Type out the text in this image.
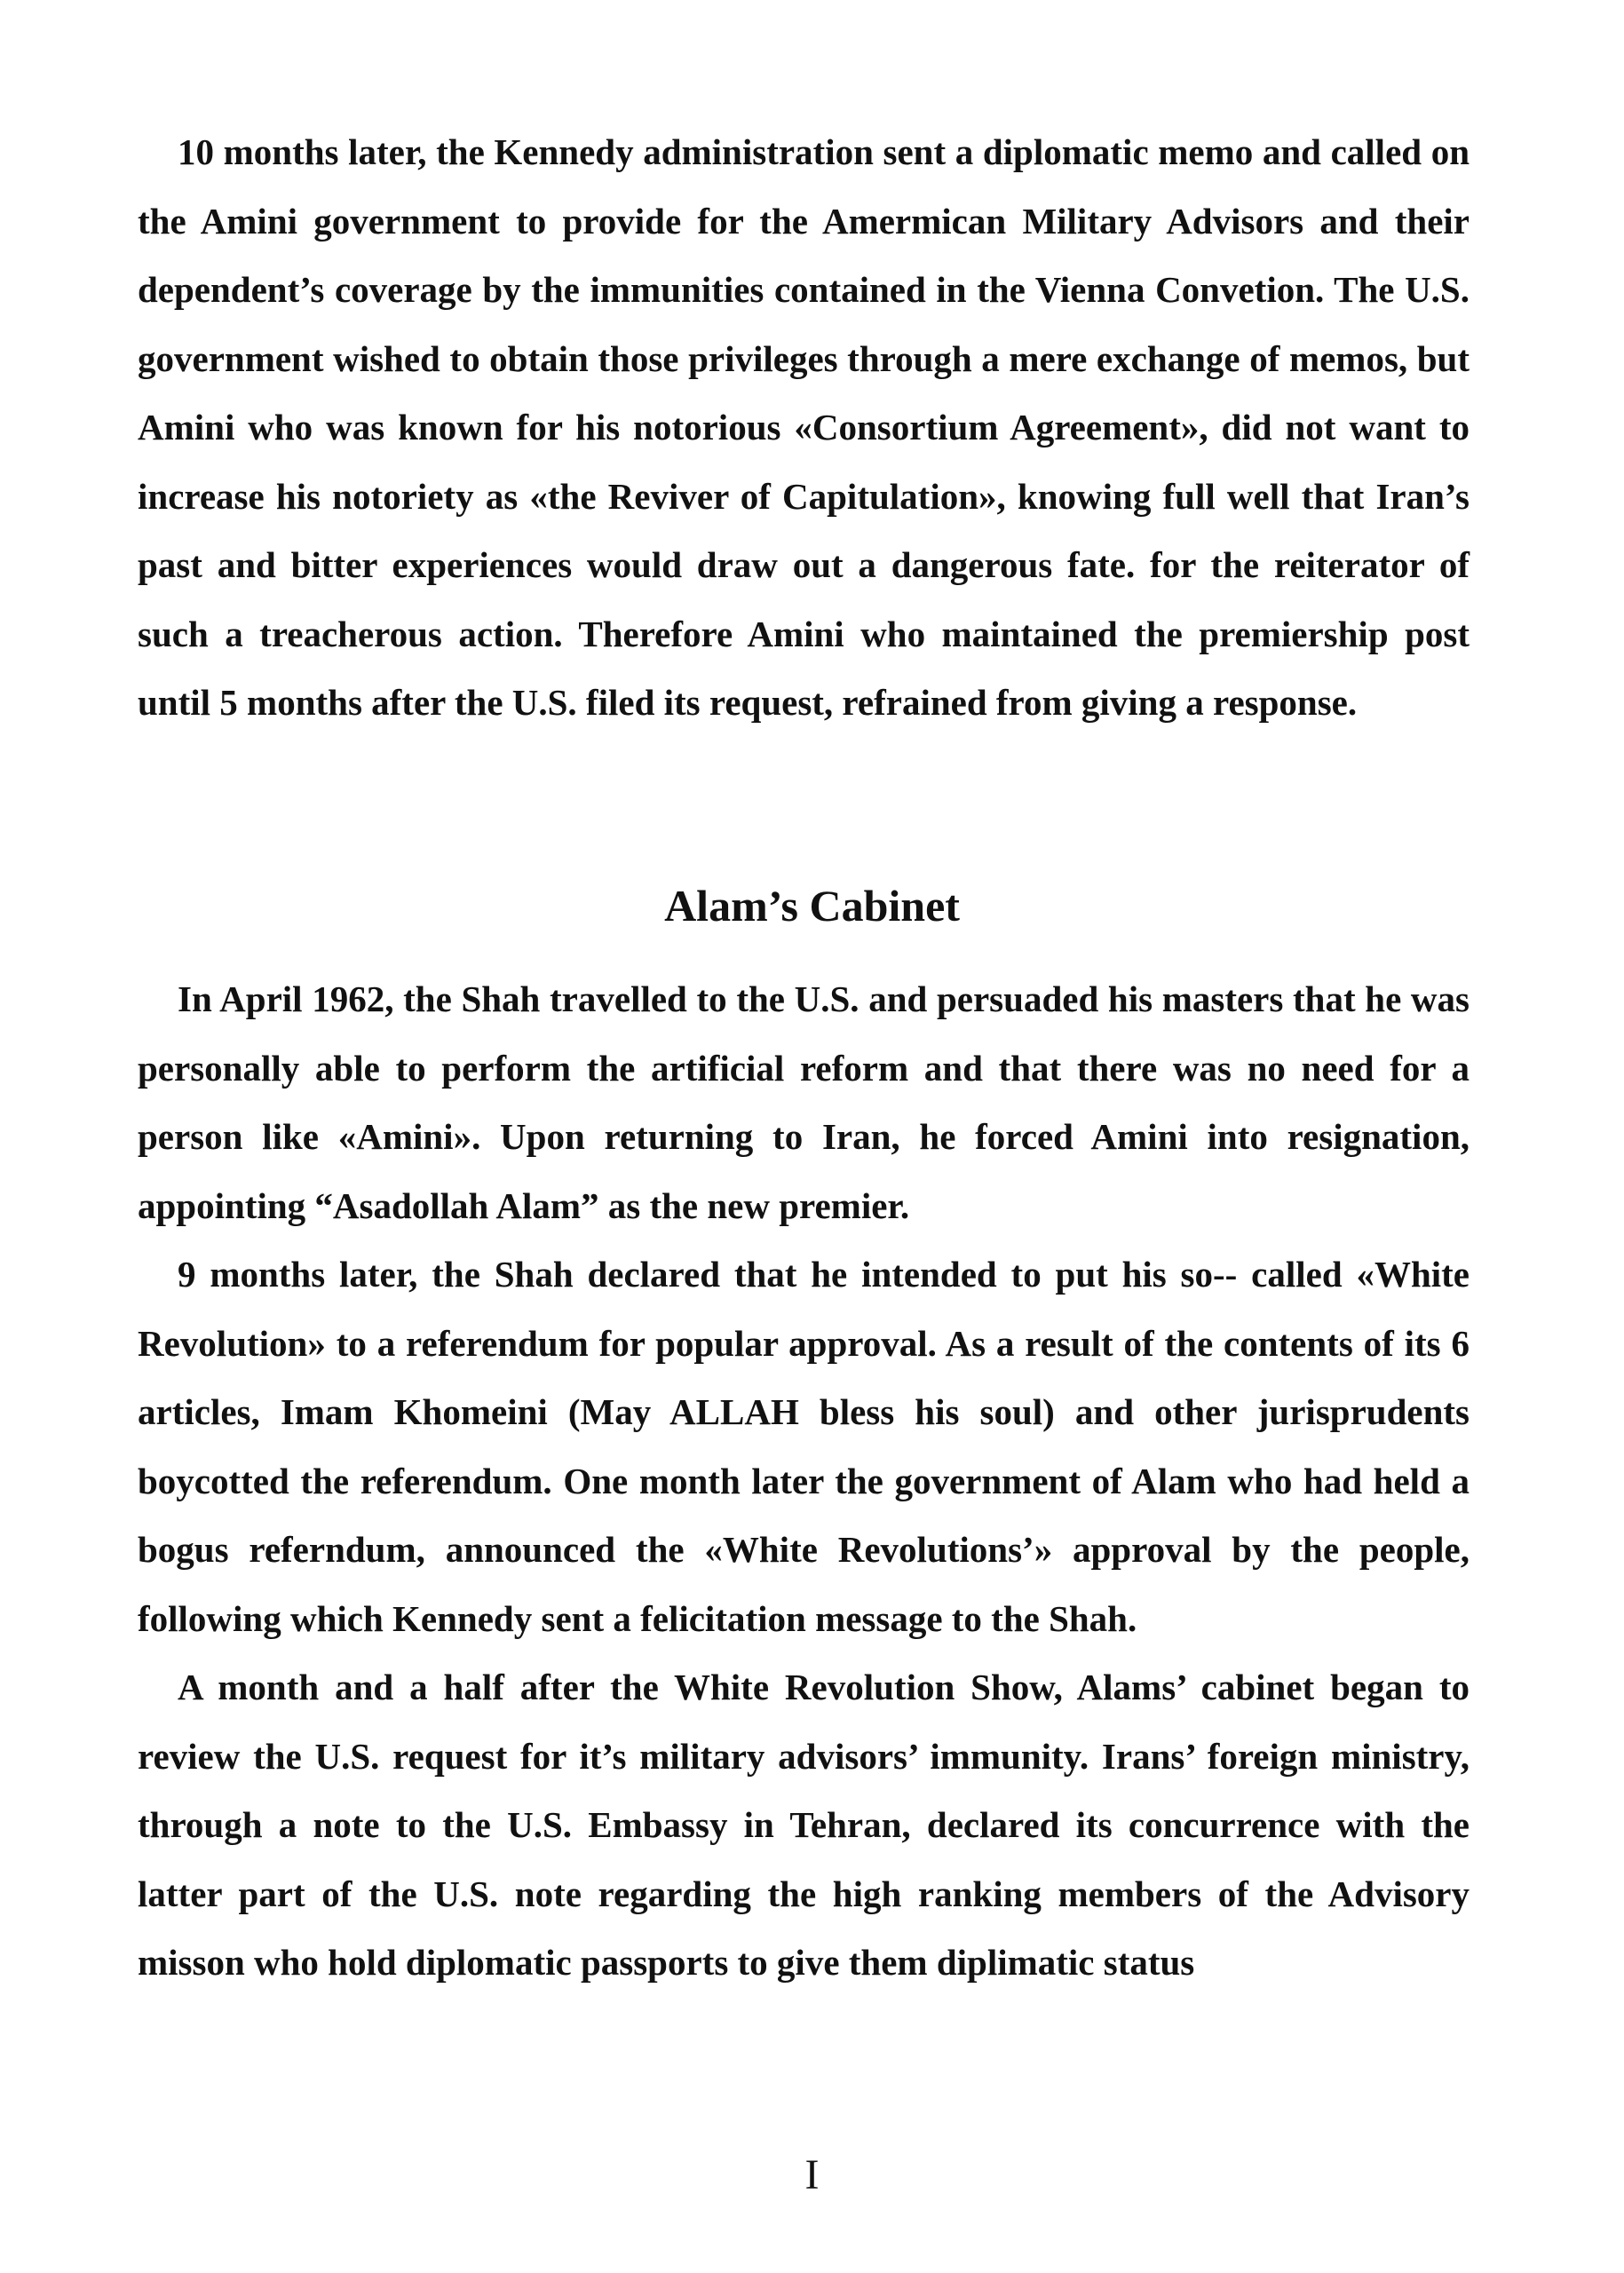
10 months later, the Kennedy administration sent a diplomatic memo and called on the Amini government to provide for the Amermican Military Advisors and their dependent’s coverage by the immunities contained in the Vienna Convetion. The U.S. government wished to obtain those privileges through a mere exchange of memos, but Amini who was known for his notorious «Consortium Agreement», did not want to increase his notoriety as «the Reviver of Capitulation», knowing full well that Iran’s past and bitter experiences would draw out a dangerous fate. for the reiterator of such a treacherous action. Therefore Amini who maintained the premiership post until 5 months after the U.S. filed its request, refrained from giving a response.

Alam’s Cabinet

In April 1962, the Shah travelled to the U.S. and persuaded his masters that he was personally able to perform the artificial reform and that there was no need for a person like «Amini». Upon returning to Iran, he forced Amini into resignation, appointing “Asadollah Alam” as the new premier.

9 months later, the Shah declared that he intended to put his so-- called «White Revolution» to a referendum for popular approval. As a result of the contents of its 6 articles, Imam Khomeini (May ALLAH bless his soul) and other jurisprudents boycotted the referendum. One month later the government of Alam who had held a bogus referndum, announced the «White Revolutions’» approval by the people, following which Kennedy sent a felicitation message to the Shah.

A month and a half after the White Revolution Show, Alams’ cabinet began to review the U.S. request for it’s military advisors’ immunity. Irans’ foreign ministry, through a note to the U.S. Embassy in Tehran, declared its concurrence with the latter part of the U.S. note regarding the high ranking members of the Advisory misson who hold diplomatic passports to give them diplimatic status

I
